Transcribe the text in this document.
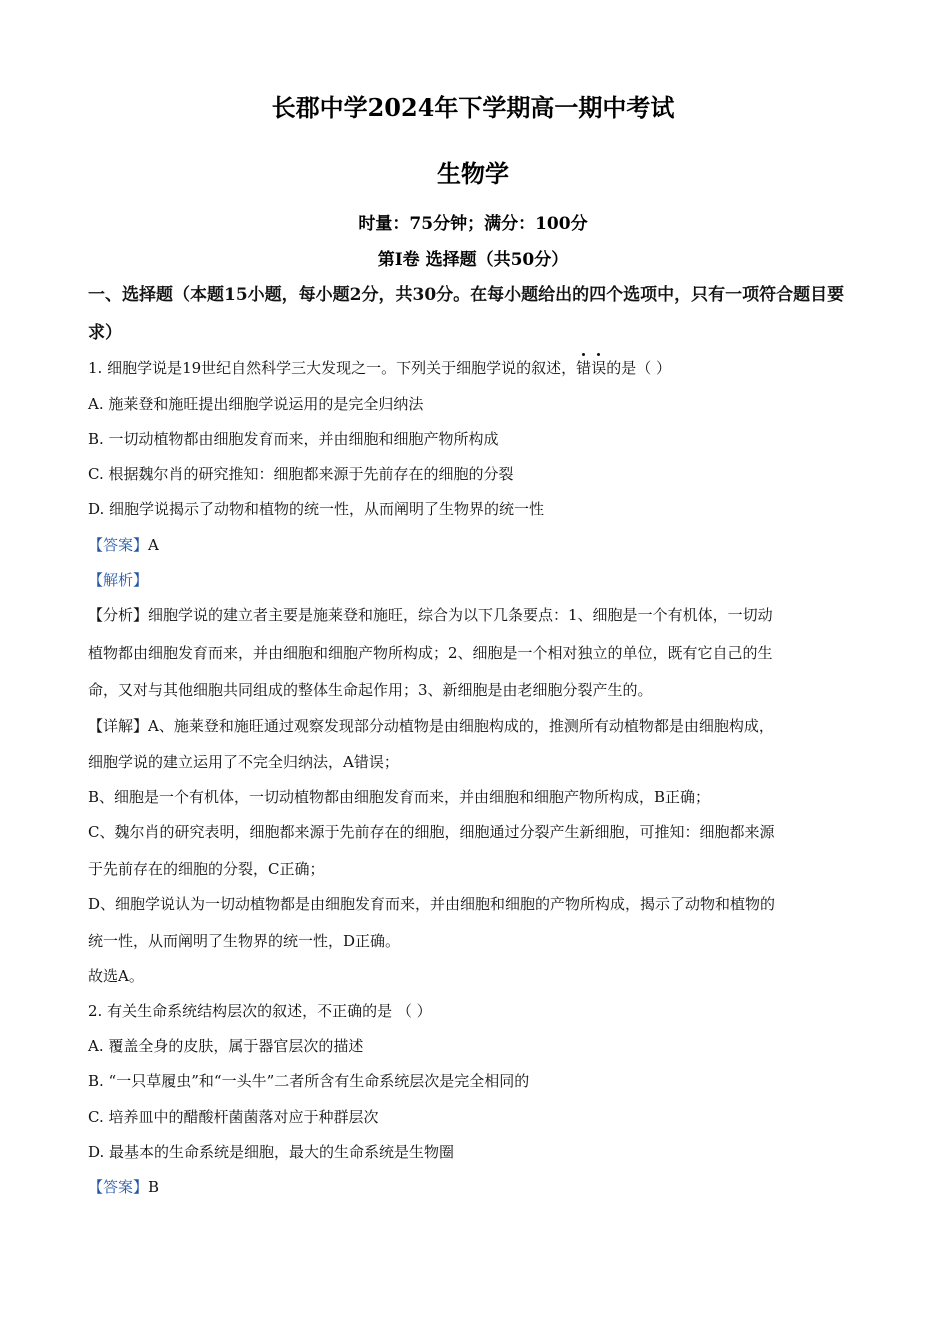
长郡中学2024年下学期高一期中考试
生物学
时量：75分钟；满分：100分
第Ⅰ卷 选择题（共50分）
一、选择题（本题15小题，每小题2分，共30分。在每小题给出的四个选项中，只有一项符合题目要求）
1. 细胞学说是19世纪自然科学三大发现之一。下列关于细胞学说的叙述，错误的是（ ）
A. 施莱登和施旺提出细胞学说运用的是完全归纳法
B. 一切动植物都由细胞发育而来，并由细胞和细胞产物所构成
C. 根据魏尔肖的研究推知：细胞都来源于先前存在的细胞的分裂
D. 细胞学说揭示了动物和植物的统一性，从而阐明了生物界的统一性
【答案】A
【解析】
【分析】细胞学说的建立者主要是施莱登和施旺，综合为以下几条要点：1、细胞是一个有机体，一切动
植物都由细胞发育而来，并由细胞和细胞产物所构成；2、细胞是一个相对独立的单位，既有它自己的生
命，又对与其他细胞共同组成的整体生命起作用；3、新细胞是由老细胞分裂产生的。
【详解】A、施莱登和施旺通过观察发现部分动植物是由细胞构成的，推测所有动植物都是由细胞构成，
细胞学说的建立运用了不完全归纳法，A错误；
B、细胞是一个有机体，一切动植物都由细胞发育而来，并由细胞和细胞产物所构成，B正确；
C、魏尔肖的研究表明，细胞都来源于先前存在的细胞，细胞通过分裂产生新细胞，可推知：细胞都来源
于先前存在的细胞的分裂，C正确；
D、细胞学说认为一切动植物都是由细胞发育而来，并由细胞和细胞的产物所构成，揭示了动物和植物的
统一性，从而阐明了生物界的统一性，D正确。
故选A。
2. 有关生命系统结构层次的叙述，不正确的是 （ ）
A. 覆盖全身的皮肤，属于器官层次的描述
B. “一只草履虫”和“一头牛”二者所含有生命系统层次是完全相同的
C. 培养皿中的醋酸杆菌菌落对应于种群层次
D. 最基本的生命系统是细胞，最大的生命系统是生物圈
【答案】B
